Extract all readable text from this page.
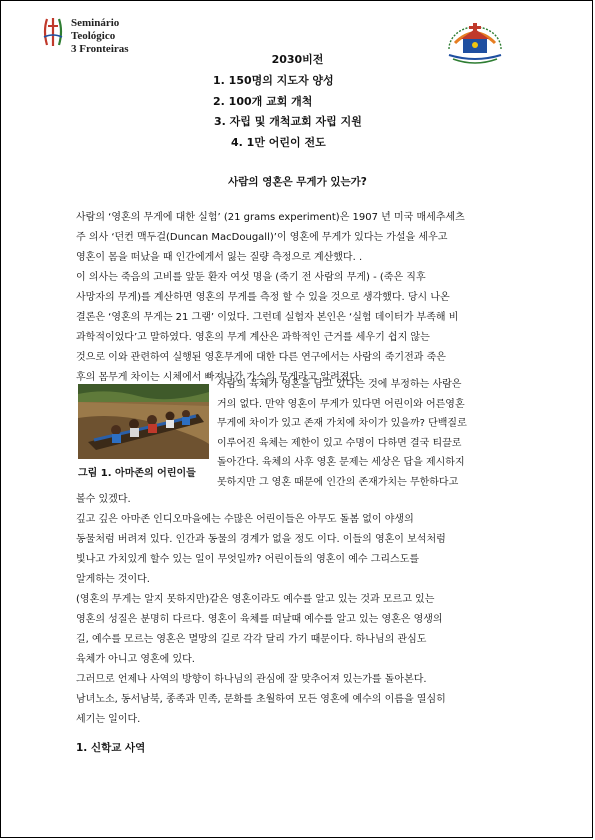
Seminário
Teológico
3 Fronteiras
2030비전
1. 150명의 지도자 양성
2. 100개 교회 개척
3. 자립 및 개척교회 자립 지원
4. 1만 어린이 전도
사람의 영혼은 무게가 있는가?

사람의 ‘영혼의 무게에 대한 실험’ (21 grams experiment)은 1907 년 미국 매세추세츠

주 의사 ‘던컨 맥두걸(Duncan MacDougall)’이 영혼에 무게가 있다는 가설을 세우고

영혼이 몸을 떠났을 때 인간에게서 잃는 질량 측정으로 계산했다. .

이 의사는 죽음의 고비를 앞둔 환자 여섯 명을 (죽기 전 사람의 무게) - (죽은 직후

사망자의 무게)를 계산하면 영혼의 무게를 측정 할 수 있을 것으로 생각했다. 당시 나온

결론은 ‘영혼의 무게는 21 그램’ 이었다. 그런데 실험자 본인은 ‘실험 데이터가 부족해 비

과학적이었다’고 말하였다. 영혼의 무게 계산은 과학적인 근거를 세우기 쉽지 않는

것으로 이와 관련하여 실행된 영혼무게에 대한 다른 연구에서는 사람의 죽기전과 죽은

후의 몸무게 차이는 시체에서 빠져나간 가스의 무게라고 알려졌다.

그림 1. 아마존의 어린이들

사람의 육체가 영혼을 담고 있다는 것에 부정하는 사람은

거의 없다. 만약 영혼이 무게가 있다면 어린이와 어른영혼

무게에 차이가 있고 존재 가치에 차이가 있을까? 단백질로

이루어진 육체는 제한이 있고 수명이 다하면 결국 티끌로

돌아간다. 육체의 사후 영혼 문제는 세상은 답을 제시하지

못하지만 그 영혼 때문에 인간의 존재가치는 무한하다고

볼수 있겠다.

깊고 깊은 아마존 인디오마을에는 수많은 어린이들은 아무도 돌봄 없이 야생의

동물처럼 버려져 있다. 인간과 동물의 경계가 없을 정도 이다. 이들의 영혼이 보석처럼

빛나고 가치있게 할수 있는 일이 무엇일까? 어린이들의 영혼이 예수 그리스도를

알게하는 것이다.

(영혼의 무게는 알지 못하지만)같은 영혼이라도 예수를 알고 있는 것과 모르고 있는

영혼의 성질은 분명히 다르다. 영혼이 육체를 떠날때 예수를 알고 있는 영혼은 영생의

길, 예수를 모르는 영혼은 멸망의 길로 각각 달리 가기 때문이다. 하나님의 관심도

육체가 아니고 영혼에 있다.

그러므로 언제나 사역의 방향이 하나님의 관심에 잘 맞추어져 있는가를 돌아본다.

남녀노소, 동서남북, 종족과 민족, 문화를 초월하여 모든 영혼에 예수의 이름을 열심히

세기는 일이다.

1. 신학교 사역
